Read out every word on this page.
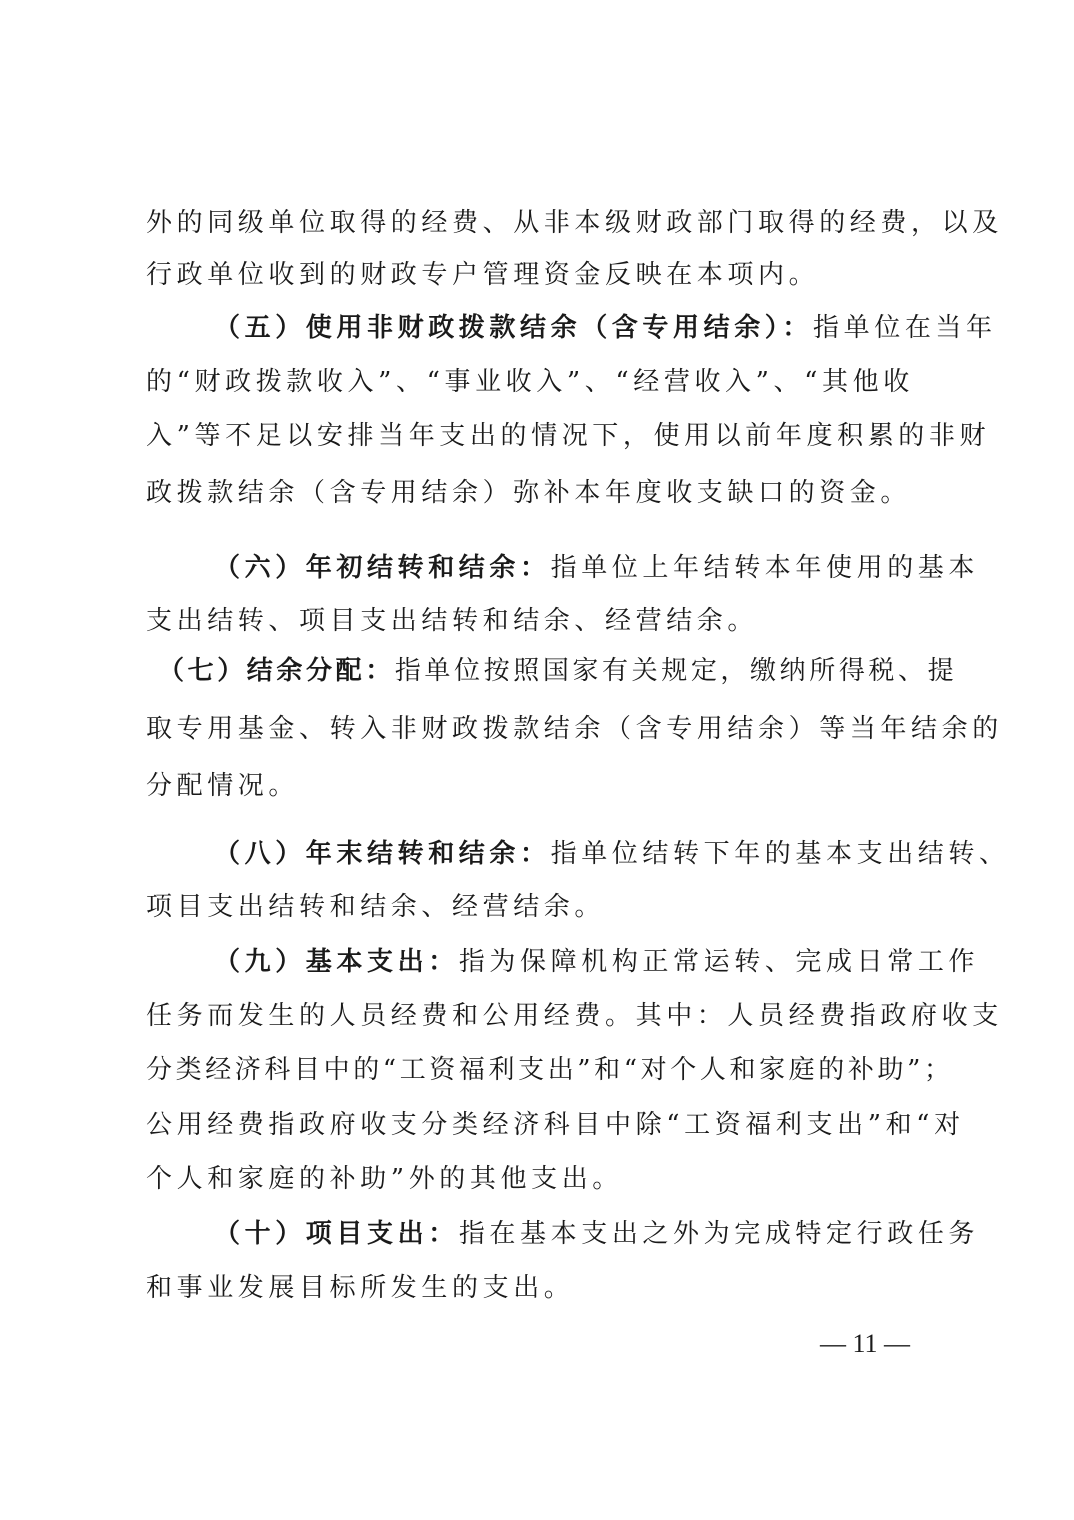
外的同级单位取得的经费、从非本级财政部门取得的经费，以及
行政单位收到的财政专户管理资金反映在本项内。
（五）使用非财政拨款结余（含专用结余）：指单位在当年
的“财政拨款收入”、“事业收入”、“经营收入”、“其他收
入”等不足以安排当年支出的情况下，使用以前年度积累的非财
政拨款结余（含专用结余）弥补本年度收支缺口的资金。
（六）年初结转和结余：指单位上年结转本年使用的基本
支出结转、项目支出结转和结余、经营结余。
（七）结余分配：指单位按照国家有关规定，缴纳所得税、提
取专用基金、转入非财政拨款结余（含专用结余）等当年结余的
分配情况。
（八）年末结转和结余：指单位结转下年的基本支出结转、
项目支出结转和结余、经营结余。
（九）基本支出：指为保障机构正常运转、完成日常工作
任务而发生的人员经费和公用经费。其中：人员经费指政府收支
分类经济科目中的“工资福利支出”和“对个人和家庭的补助”；
公用经费指政府收支分类经济科目中除“工资福利支出”和“对
个人和家庭的补助”外的其他支出。
（十）项目支出：指在基本支出之外为完成特定行政任务
和事业发展目标所发生的支出。
— 11 —
